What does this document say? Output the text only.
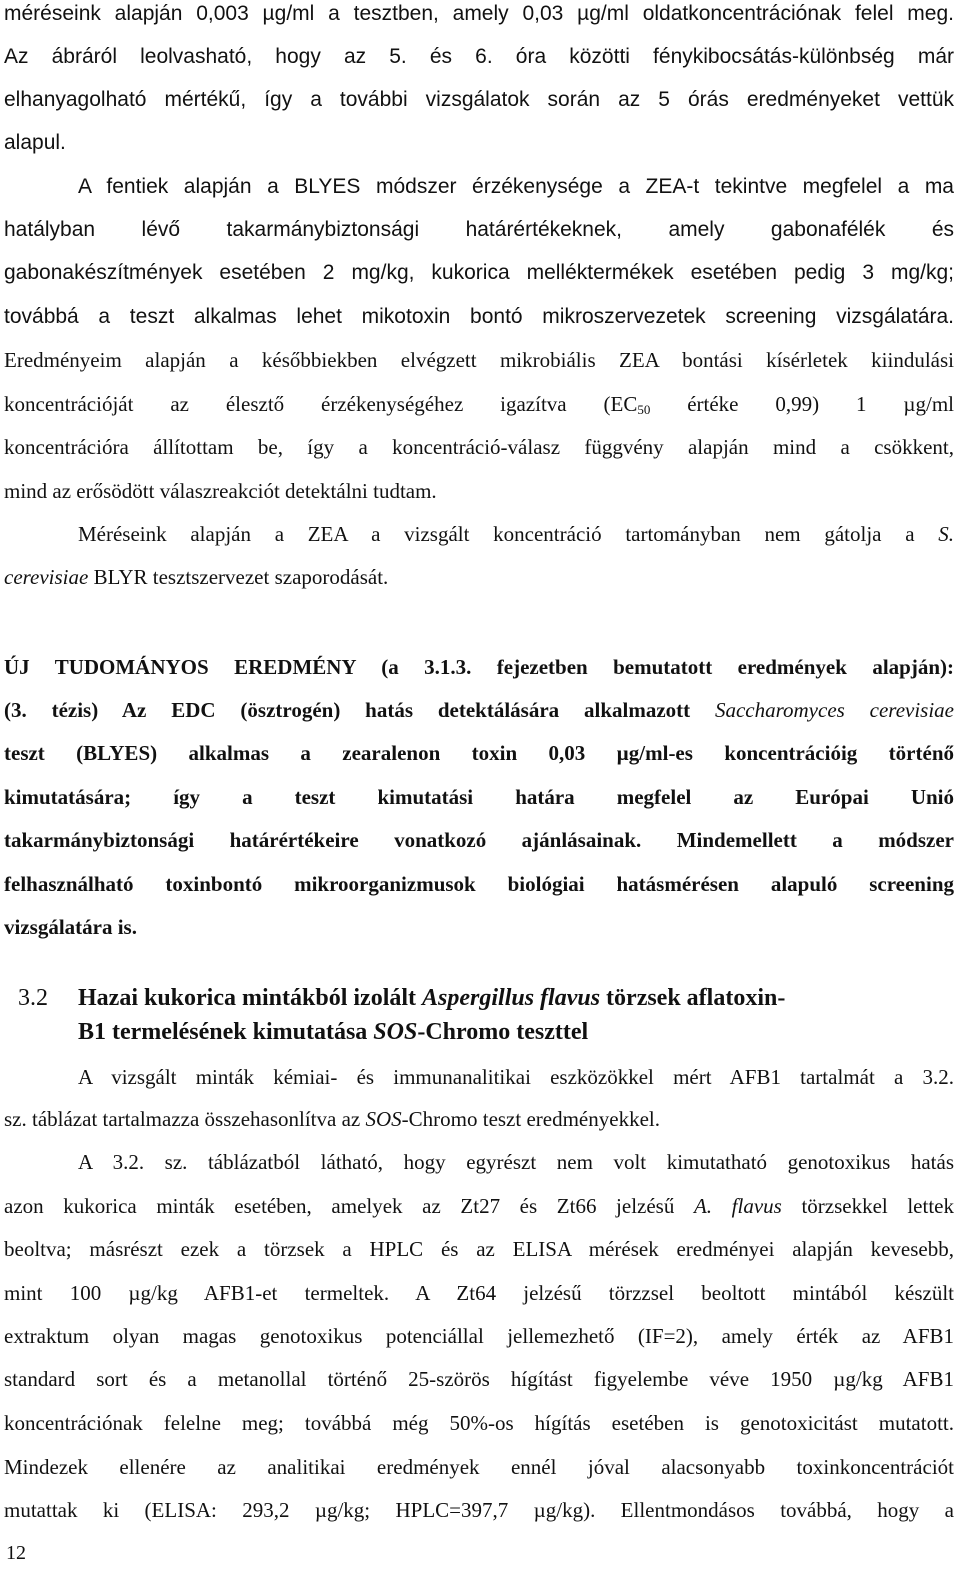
méréseink alapján 0,003 µg/ml a tesztben, amely 0,03 µg/ml oldatkoncentrációnak felel meg.
Az ábráról leolvasható, hogy az 5. és 6. óra közötti fénykibocsátás-különbség már
elhanyagolható mértékű, így a további vizsgálatok során az 5 órás eredményeket vettük
alapul.
A fentiek alapján a BLYES módszer érzékenysége a ZEA-t tekintve megfelel a ma
hatályban lévő takarmánybiztonsági határértékeknek, amely gabonafélék és
gabonakészítmények esetében 2 mg/kg, kukorica melléktermékek esetében pedig 3 mg/kg;
továbbá a teszt alkalmas lehet mikotoxin bontó mikroszervezetek screening vizsgálatára.
Eredményeim alapján a későbbiekben elvégzett mikrobiális ZEA bontási kísérletek kiindulási
koncentrációját az élesztő érzékenységéhez igazítva ($EC_{50}$ értéke 0,99) 1 µg/ml
koncentrációra állítottam be, így a koncentráció-válasz függvény alapján mind a csökkent,
mind az erősödött válaszreakciót detektálni tudtam.
Méréseink alapján a ZEA a vizsgált koncentráció tartományban nem gátolja a S.
cerevisiae BLYR tesztszervezet szaporodását.
ÚJ TUDOMÁNYOS EREDMÉNY (a 3.1.3. fejezetben bemutatott eredmények alapján):
(3. tézis) Az EDC (ösztrogén) hatás detektálására alkalmazott Saccharomyces cerevisiae
teszt (BLYES) alkalmas a zearalenon toxin 0,03 µg/ml-es koncentrációig történő
kimutatására; így a teszt kimutatási határa megfelel az Európai Unió
takarmánybiztonsági határértékeire vonatkozó ajánlásainak. Mindemellett a módszer
felhasználható toxinbontó mikroorganizmusok biológiai hatásmérésen alapuló screening
vizsgálatára is.
3.2 Hazai kukorica mintákból izolált Aspergillus flavus törzsek aflatoxin-
B1 termelésének kimutatása SOS-Chromo teszttel
A vizsgált minták kémiai- és immunanalitikai eszközökkel mért AFB1 tartalmát a 3.2.
sz. táblázat tartalmazza összehasonlítva az SOS-Chromo teszt eredményekkel.
A 3.2. sz. táblázatból látható, hogy egyrészt nem volt kimutatható genotoxikus hatás
azon kukorica minták esetében, amelyek az Zt27 és Zt66 jelzésű A. flavus törzsekkel lettek
beoltva; másrészt ezek a törzsek a HPLC és az ELISA mérések eredményei alapján kevesebb,
mint 100 µg/kg AFB1-et termeltek. A Zt64 jelzésű törzzsel beoltott mintából készült
extraktum olyan magas genotoxikus potenciállal jellemezhető (IF=2), amely érték az AFB1
standard sort és a metanollal történő 25-szörös hígítást figyelembe véve 1950 µg/kg AFB1
koncentrációnak felelne meg; továbbá még 50%-os hígítás esetében is genotoxicitást mutatott.
Mindezek ellenére az analitikai eredmények ennél jóval alacsonyabb toxinkoncentrációt
mutattak ki (ELISA: 293,2 µg/kg; HPLC=397,7 µg/kg). Ellentmondásos továbbá, hogy a
12
